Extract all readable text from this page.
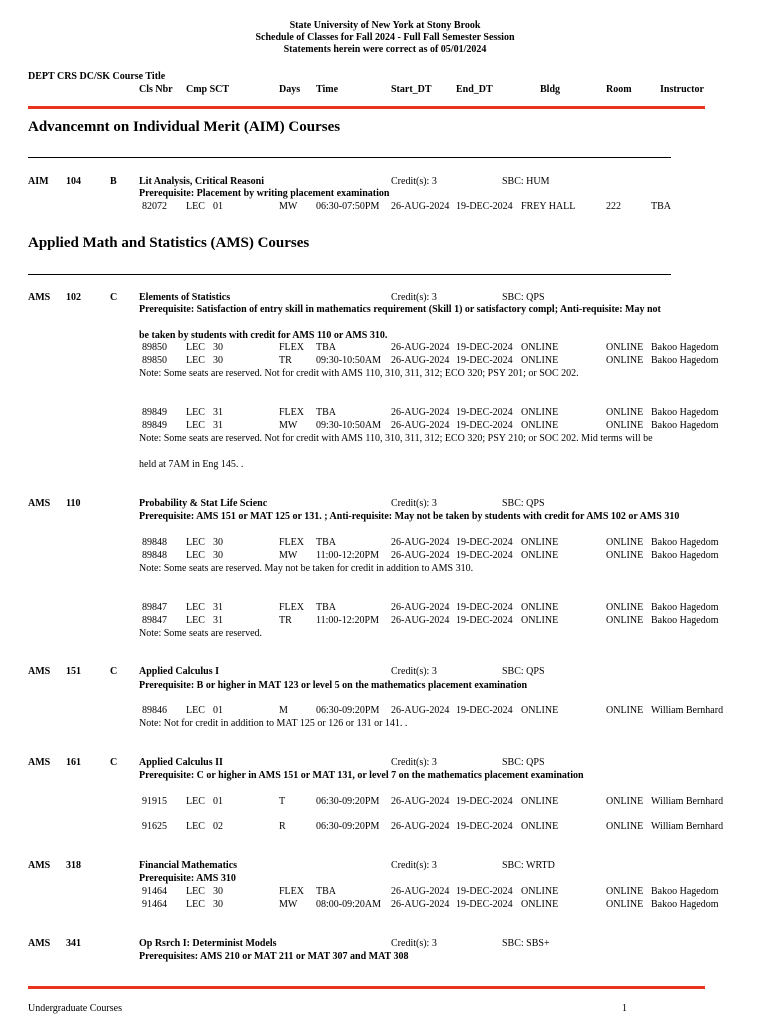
State University of New York at Stony Brook
Schedule of Classes for Fall 2024 - Full Fall Semester Session
Statements herein were correct as of 05/01/2024
DEPT CRS DC/SK Course Title
Cls Nbr Cmp SCT	Days Time	Start_DT End_DT	Bldg	Room	Instructor
Advancemnt on Individual Merit (AIM) Courses
AIM 104	B Lit Analysis, Critical Reasoni	Credit(s): 3	SBC: HUM
Prerequisite: Placement by writing placement examination
82072 LEC 01	MW 06:30-07:50PM 26-AUG-2024 19-DEC-2024 FREY HALL	222	TBA
Applied Math and Statistics (AMS) Courses
AMS 102	C Elements of Statistics	Credit(s): 3	SBC: QPS
Prerequisite: Satisfaction of entry skill in mathematics requirement (Skill 1) or satisfactory compl; Anti-requisite: May not
be taken by students with credit for AMS 110 or AMS 310.
89850 LEC 30	FLEX TBA	26-AUG-2024 19-DEC-2024 ONLINE	ONLINE Bakoo Hagedom
89850 LEC 30	TR 09:30-10:50AM 26-AUG-2024 19-DEC-2024 ONLINE	ONLINE Bakoo Hagedom
Note: Some seats are reserved. Not for credit with AMS 110, 310, 311, 312; ECO 320; PSY 201; or SOC 202.
89849 LEC 31	FLEX TBA	26-AUG-2024 19-DEC-2024 ONLINE	ONLINE Bakoo Hagedom
89849 LEC 31	MW 09:30-10:50AM 26-AUG-2024 19-DEC-2024 ONLINE	ONLINE Bakoo Hagedom
Note: Some seats are reserved. Not for credit with AMS 110, 310, 311, 312; ECO 320; PSY 210; or SOC 202. Mid terms will be
held at 7AM in Eng 145. .
AMS 110	Probability & Stat Life Scienc	Credit(s): 3	SBC: QPS
Prerequisite: AMS 151 or MAT 125 or 131. ; Anti-requisite: May not be taken by students with credit for AMS 102 or AMS 310
89848 LEC 30	FLEX TBA	26-AUG-2024 19-DEC-2024 ONLINE	ONLINE Bakoo Hagedom
89848 LEC 30	MW 11:00-12:20PM 26-AUG-2024 19-DEC-2024 ONLINE	ONLINE Bakoo Hagedom
Note: Some seats are reserved. May not be taken for credit in addition to AMS 310.
89847 LEC 31	FLEX TBA	26-AUG-2024 19-DEC-2024 ONLINE	ONLINE Bakoo Hagedom
89847 LEC 31	TR 11:00-12:20PM 26-AUG-2024 19-DEC-2024 ONLINE	ONLINE Bakoo Hagedom
Note: Some seats are reserved.
AMS 151	C Applied Calculus I	Credit(s): 3	SBC: QPS
Prerequisite: B or higher in MAT 123 or level 5 on the mathematics placement examination
89846 LEC 01	M	06:30-09:20PM 26-AUG-2024 19-DEC-2024 ONLINE	ONLINE William Bernhard
Note: Not for credit in addition to MAT 125 or 126 or 131 or 141. .
AMS 161	C Applied Calculus II	Credit(s): 3	SBC: QPS
Prerequisite: C or higher in AMS 151 or MAT 131, or level 7 on the mathematics placement examination
91915 LEC 01	T	06:30-09:20PM 26-AUG-2024 19-DEC-2024 ONLINE	ONLINE William Bernhard
91625 LEC 02	R	06:30-09:20PM 26-AUG-2024 19-DEC-2024 ONLINE	ONLINE William Bernhard
AMS 318	Financial Mathematics	Credit(s): 3	SBC: WRTD
Prerequisite: AMS 310
91464 LEC 30	FLEX TBA	26-AUG-2024 19-DEC-2024 ONLINE	ONLINE Bakoo Hagedom
91464 LEC 30	MW 08:00-09:20AM 26-AUG-2024 19-DEC-2024 ONLINE	ONLINE Bakoo Hagedom
AMS 341	Op Rsrch I: Determinist Models	Credit(s): 3	SBC: SBS+
Prerequisites: AMS 210 or MAT 211 or MAT 307 and MAT 308
Undergraduate Courses	1
